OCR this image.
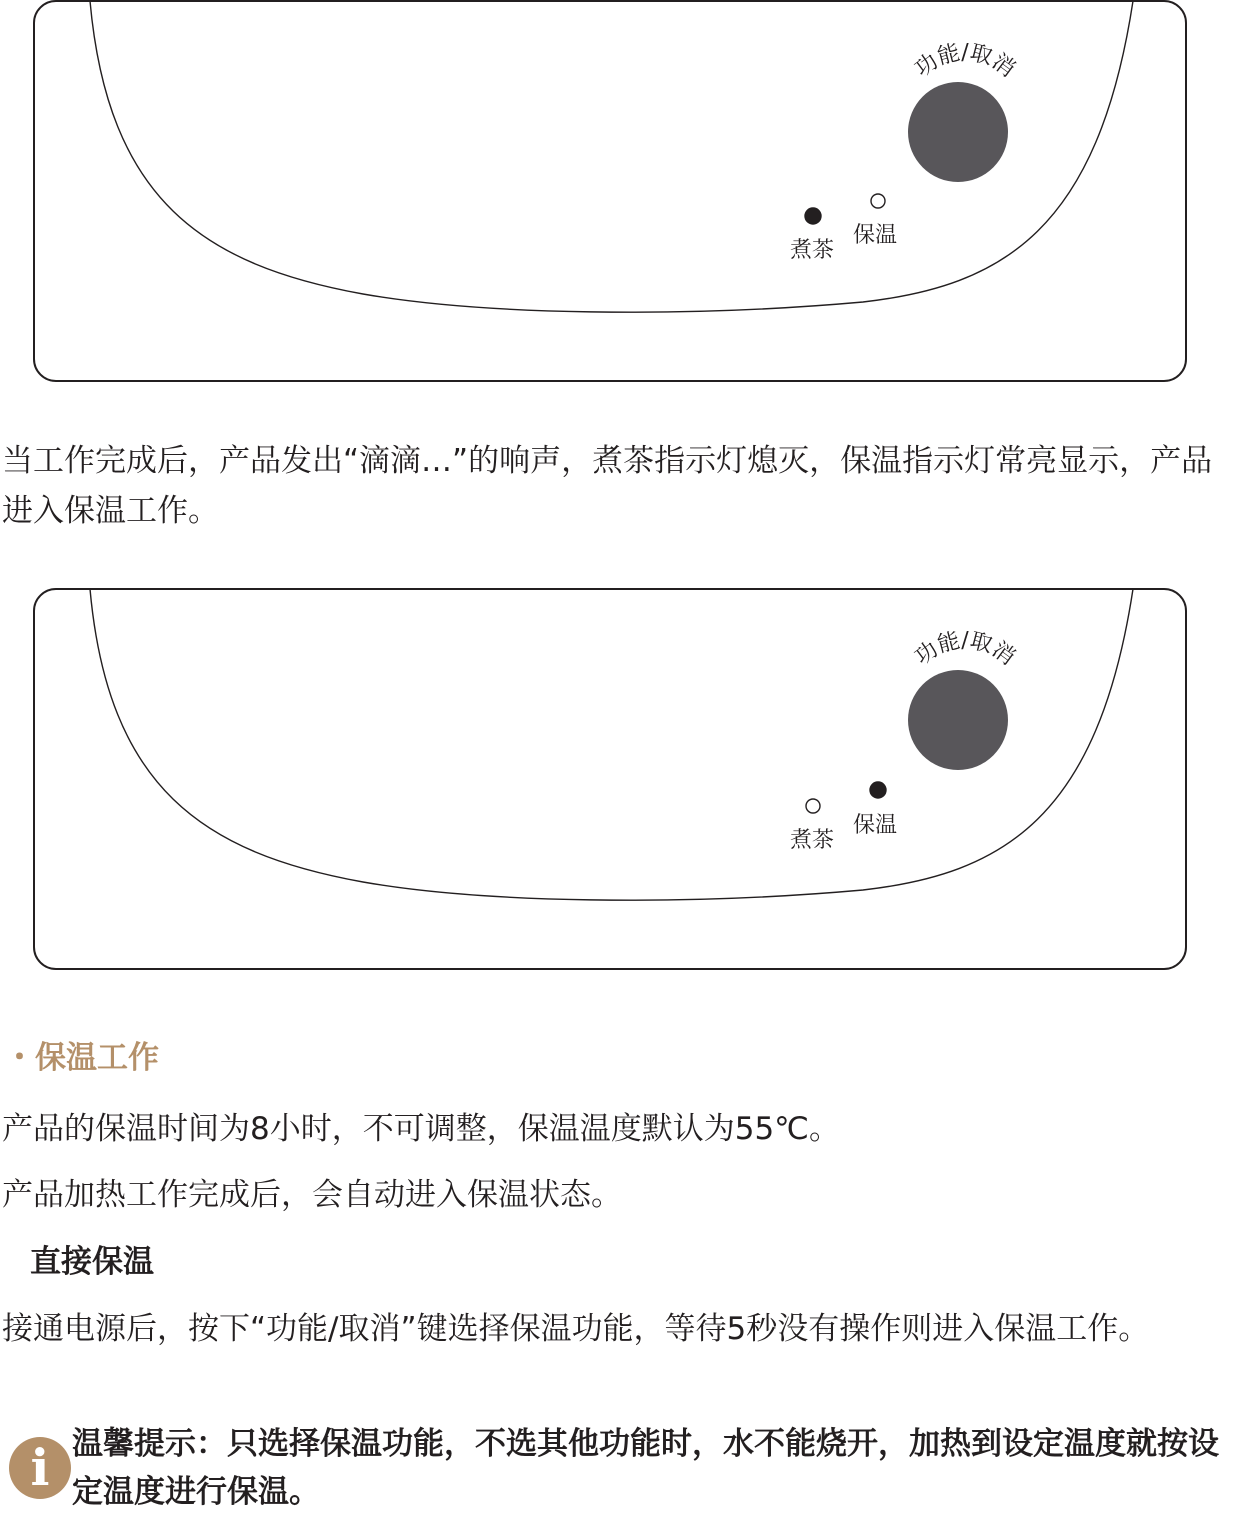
功能/取消
煮茶
保温

当工作完成后，产品发出“滴滴…”的响声，煮茶指示灯熄灭，保温指示灯常亮显示，产品进入保温工作。

功能/取消
煮茶
保温
・保温工作

产品的保温时间为8小时，不可调整，保温温度默认为55℃。

产品加热工作完成后，会自动进入保温状态。

直接保温

接通电源后，按下“功能/取消”键选择保温功能，等待5秒没有操作则进入保温工作。

i 温馨提示：只选择保温功能，不选其他功能时，水不能烧开，加热到设定温度就按设定温度进行保温。
